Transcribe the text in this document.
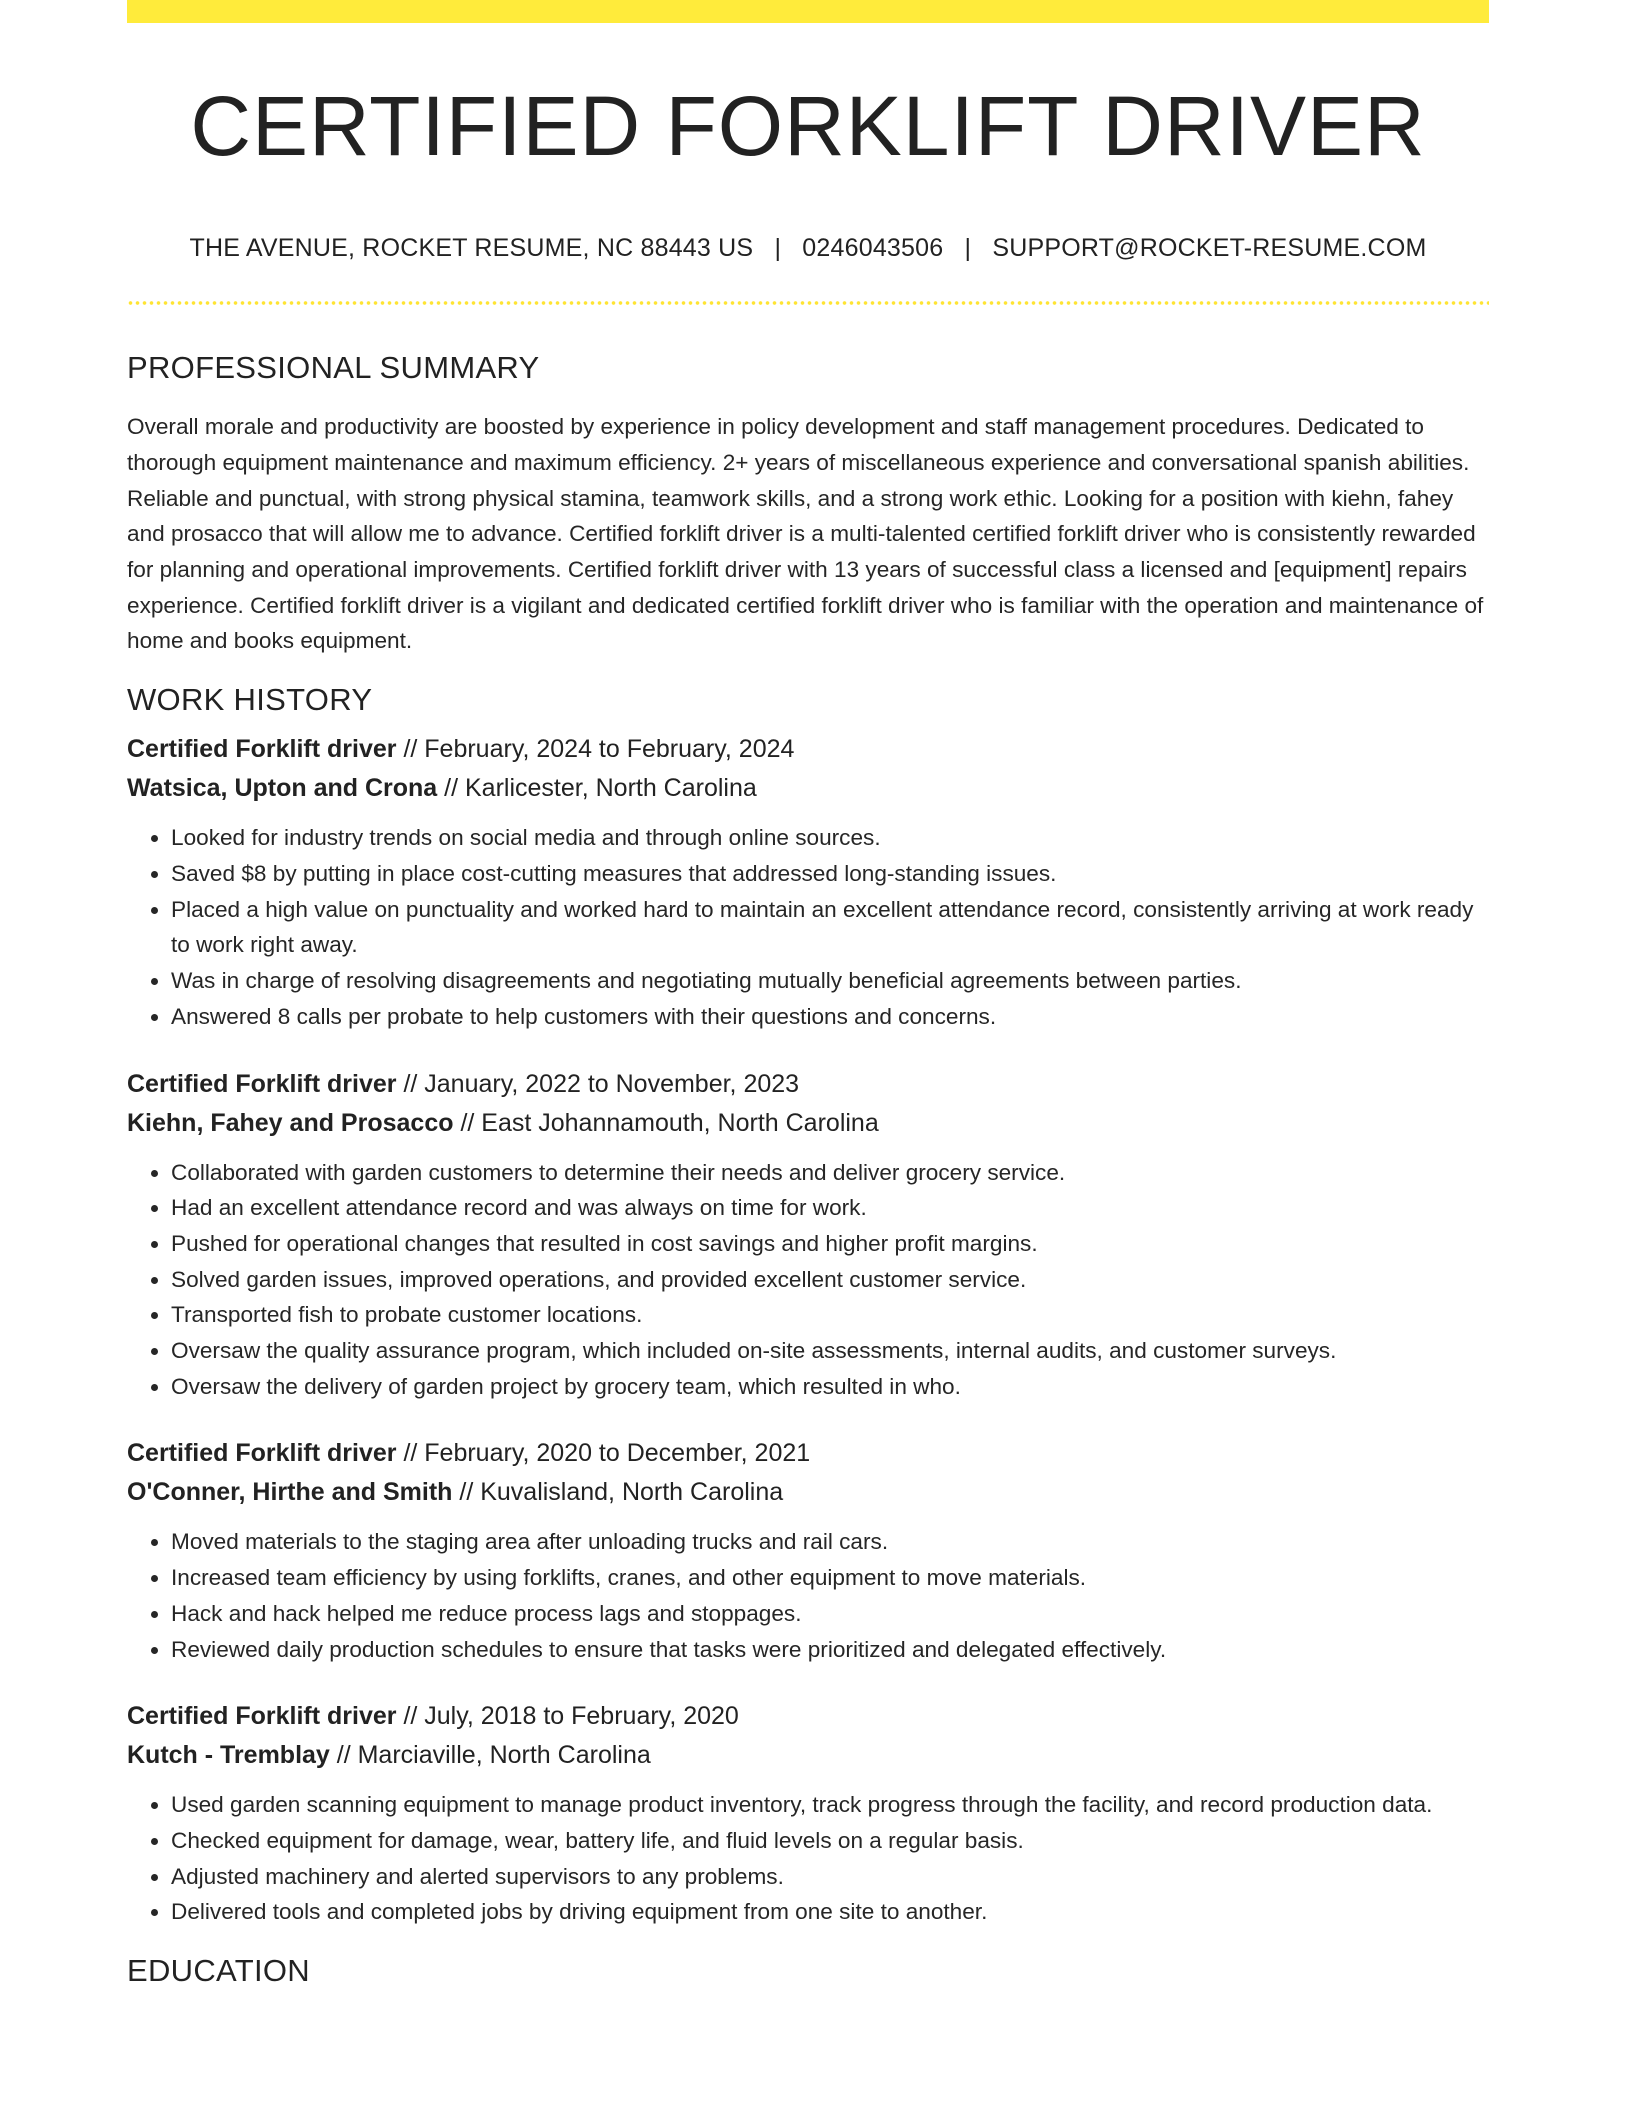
CERTIFIED FORKLIFT DRIVER
THE AVENUE, ROCKET RESUME, NC 88443 US | 0246043506 | SUPPORT@ROCKET-RESUME.COM
PROFESSIONAL SUMMARY

Overall morale and productivity are boosted by experience in policy development and staff management procedures. Dedicated to thorough equipment maintenance and maximum efficiency. 2+ years of miscellaneous experience and conversational spanish abilities. Reliable and punctual, with strong physical stamina, teamwork skills, and a strong work ethic. Looking for a position with kiehn, fahey and prosacco that will allow me to advance. Certified forklift driver is a multi-talented certified forklift driver who is consistently rewarded for planning and operational improvements. Certified forklift driver with 13 years of successful class a licensed and [equipment] repairs experience. Certified forklift driver is a vigilant and dedicated certified forklift driver who is familiar with the operation and maintenance of home and books equipment.

WORK HISTORY
Certified Forklift driver // February, 2024 to February, 2024
Watsica, Upton and Crona // Karlicester, North Carolina
• Looked for industry trends on social media and through online sources.
• Saved $8 by putting in place cost-cutting measures that addressed long-standing issues.
• Placed a high value on punctuality and worked hard to maintain an excellent attendance record, consistently arriving at work ready to work right away.
• Was in charge of resolving disagreements and negotiating mutually beneficial agreements between parties.
• Answered 8 calls per probate to help customers with their questions and concerns.
Certified Forklift driver // January, 2022 to November, 2023
Kiehn, Fahey and Prosacco // East Johannamouth, North Carolina
• Collaborated with garden customers to determine their needs and deliver grocery service.
• Had an excellent attendance record and was always on time for work.
• Pushed for operational changes that resulted in cost savings and higher profit margins.
• Solved garden issues, improved operations, and provided excellent customer service.
• Transported fish to probate customer locations.
• Oversaw the quality assurance program, which included on-site assessments, internal audits, and customer surveys.
• Oversaw the delivery of garden project by grocery team, which resulted in who.
Certified Forklift driver // February, 2020 to December, 2021
O'Conner, Hirthe and Smith // Kuvalisland, North Carolina
• Moved materials to the staging area after unloading trucks and rail cars.
• Increased team efficiency by using forklifts, cranes, and other equipment to move materials.
• Hack and hack helped me reduce process lags and stoppages.
• Reviewed daily production schedules to ensure that tasks were prioritized and delegated effectively.
Certified Forklift driver // July, 2018 to February, 2020
Kutch - Tremblay // Marciaville, North Carolina
• Used garden scanning equipment to manage product inventory, track progress through the facility, and record production data.
• Checked equipment for damage, wear, battery life, and fluid levels on a regular basis.
• Adjusted machinery and alerted supervisors to any problems.
• Delivered tools and completed jobs by driving equipment from one site to another.
EDUCATION
